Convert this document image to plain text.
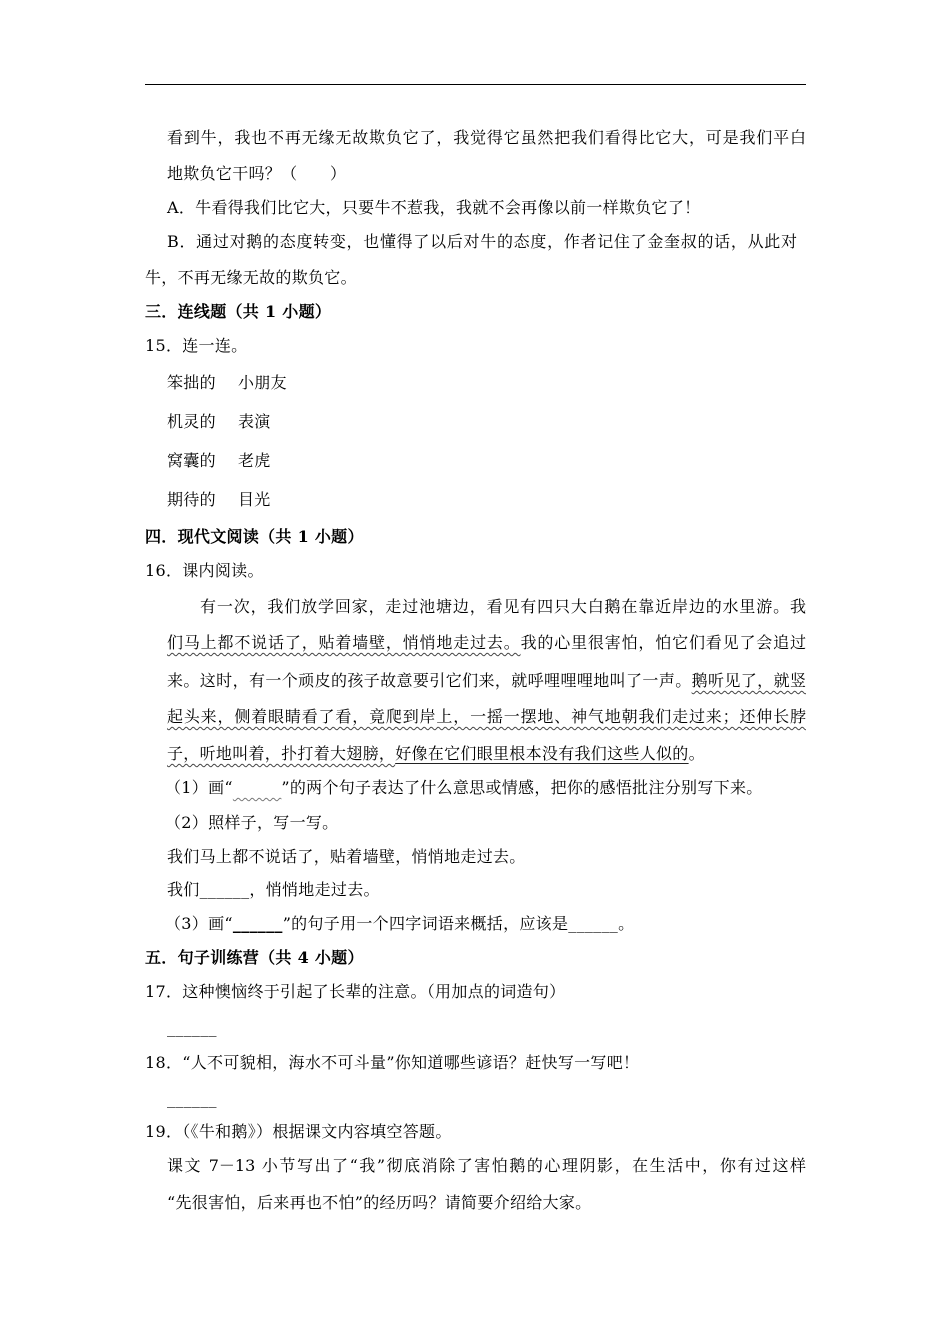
看到牛，我也不再无缘无故欺负它了，我觉得它虽然把我们看得比它大，可是我们平白
地欺负它干吗？（　　）
A．牛看得我们比它大，只要牛不惹我，我就不会再像以前一样欺负它了！
B．通过对鹅的态度转变，也懂得了以后对牛的态度，作者记住了金奎叔的话，从此对
牛，不再无缘无故的欺负它。
三．连线题（共 1 小题）
15．连一连。
笨拙的 小朋友
机灵的 表演
窝囊的 老虎
期待的 目光
四．现代文阅读（共 1 小题）
16．课内阅读。
有一次，我们放学回家，走过池塘边，看见有四只大白鹅在靠近岸边的水里游。我
们马上都不说话了，贴着墙壁，悄悄地走过去。我的心里很害怕，怕它们看见了会追过
来。这时，有一个顽皮的孩子故意要引它们来，就呼哩哩哩地叫了一声。鹅听见了，就竖
起头来，侧着眼睛看了看，竟爬到岸上，一摇一摆地、神气地朝我们走过来；还伸长脖
子，听地叫着，扑打着大翅膀，好像在它们眼里根本没有我们这些人似的。
（1）画“	”的两个句子表达了什么意思或情感，把你的感悟批注分别写下来。
（2）照样子，写一写。
我们马上都不说话了，贴着墙壁，悄悄地走过去。
我们______，悄悄地走过去。
（3）画“______”的句子用一个四字词语来概括，应该是______。
五．句子训练营（共 4 小题）
17．这种懊恼终于引起了长辈的注意。（用加点的词造句）
______
18．“人不可貌相，海水不可斗量”你知道哪些谚语？赶快写一写吧！
______
19．（《牛和鹅》）根据课文内容填空答题。
课文 7－13 小节写出了“我”彻底消除了害怕鹅的心理阴影，在生活中，你有过这样
“先很害怕，后来再也不怕”的经历吗？请简要介绍给大家。
